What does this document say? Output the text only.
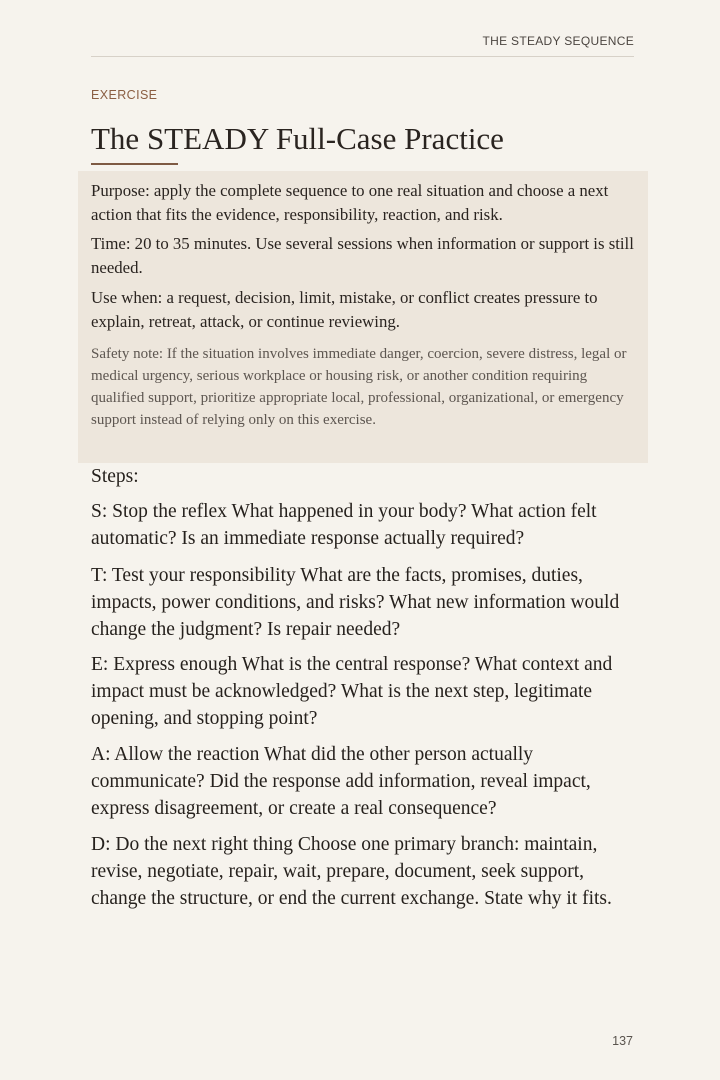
THE STEADY SEQUENCE
EXERCISE
The STEADY Full-Case Practice

Purpose: apply the complete sequence to one real situation and choose a next action that fits the evidence, responsibility, reaction, and risk.

Time: 20 to 35 minutes. Use several sessions when information or support is still needed.

Use when: a request, decision, limit, mistake, or conflict creates pressure to explain, retreat, attack, or continue reviewing.

Safety note: If the situation involves immediate danger, coercion, severe distress, legal or medical urgency, serious workplace or housing risk, or another condition requiring qualified support, prioritize appropriate local, professional, organizational, or emergency support instead of relying only on this exercise.

Steps:

S: Stop the reflex What happened in your body? What action felt automatic? Is an immediate response actually required?

T: Test your responsibility What are the facts, promises, duties, impacts, power conditions, and risks? What new information would change the judgment? Is repair needed?

E: Express enough What is the central response? What context and impact must be acknowledged? What is the next step, legitimate opening, and stopping point?

A: Allow the reaction What did the other person actually communicate? Did the response add information, reveal impact, express disagreement, or create a real consequence?

D: Do the next right thing Choose one primary branch: maintain, revise, negotiate, repair, wait, prepare, document, seek support, change the structure, or end the current exchange. State why it fits.

137
